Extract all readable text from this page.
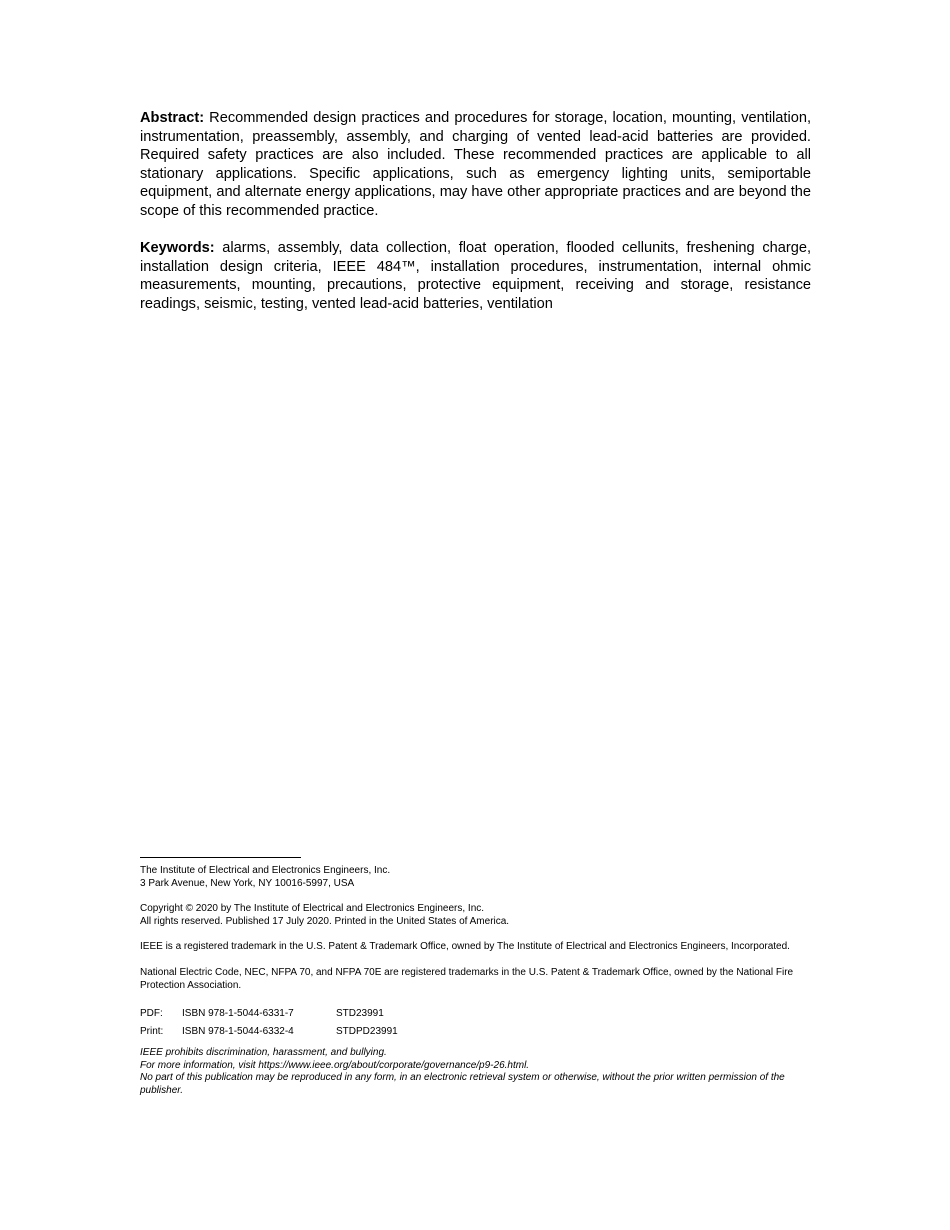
Abstract: Recommended design practices and procedures for storage, location, mounting, ventilation, instrumentation, preassembly, assembly, and charging of vented lead-acid batteries are provided. Required safety practices are also included. These recommended practices are applicable to all stationary applications. Specific applications, such as emergency lighting units, semiportable equipment, and alternate energy applications, may have other appropriate practices and are beyond the scope of this recommended practice.

Keywords: alarms, assembly, data collection, float operation, flooded cellunits, freshening charge, installation design criteria, IEEE 484™, installation procedures, instrumentation, internal ohmic measurements, mounting, precautions, protective equipment, receiving and storage, resistance readings, seismic, testing, vented lead-acid batteries, ventilation

The Institute of Electrical and Electronics Engineers, Inc.
3 Park Avenue, New York, NY 10016-5997, USA
Copyright © 2020 by The Institute of Electrical and Electronics Engineers, Inc.
All rights reserved. Published 17 July 2020. Printed in the United States of America.
IEEE is a registered trademark in the U.S. Patent & Trademark Office, owned by The Institute of Electrical and Electronics Engineers, Incorporated.
National Electric Code, NEC, NFPA 70, and NFPA 70E are registered trademarks in the U.S. Patent & Trademark Office, owned by the National Fire Protection Association.
PDF:	ISBN 978-1-5044-6331-7	STD23991
Print:	ISBN 978-1-5044-6332-4	STDPD23991
IEEE prohibits discrimination, harassment, and bullying.
For more information, visit https://www.ieee.org/about/corporate/governance/p9-26.html.
No part of this publication may be reproduced in any form, in an electronic retrieval system or otherwise, without the prior written permission of the publisher.
